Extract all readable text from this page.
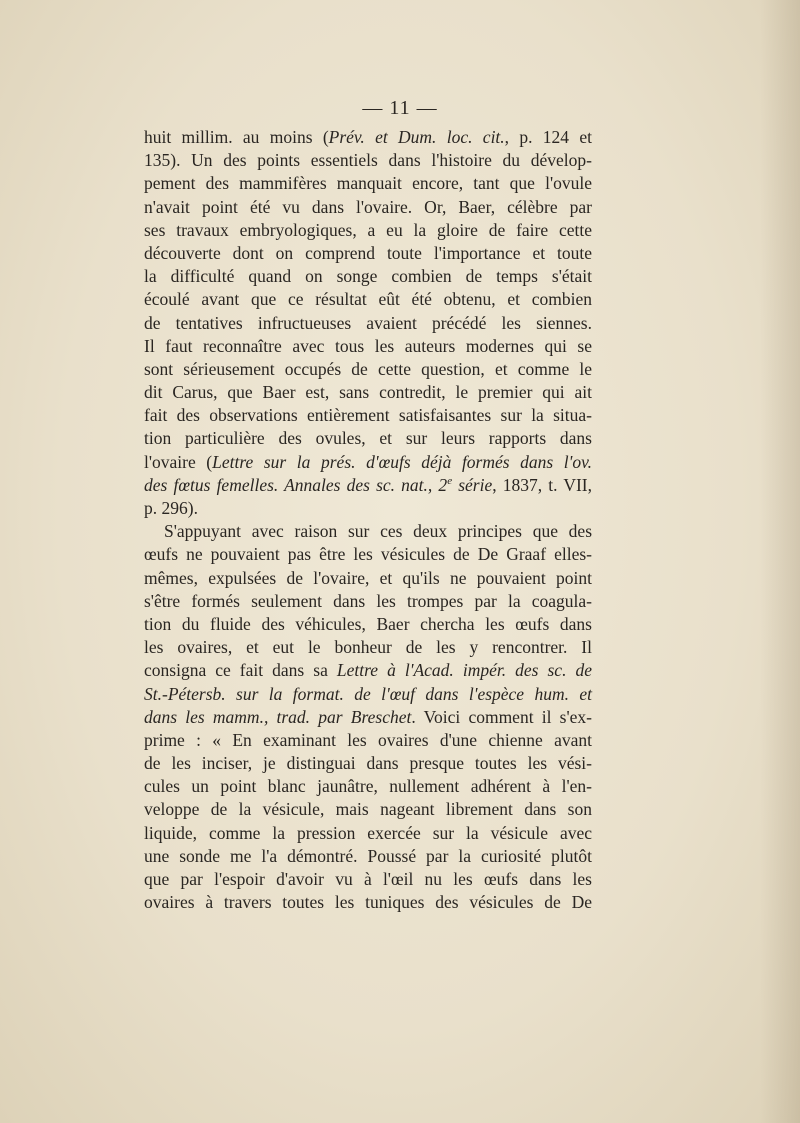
— 11 —
huit millim. au moins (Prév. et Dum. loc. cit., p. 124 et
135). Un des points essentiels dans l'histoire du dévelop-
pement des mammifères manquait encore, tant que l'ovule
n'avait point été vu dans l'ovaire. Or, Baer, célèbre par
ses travaux embryologiques, a eu la gloire de faire cette
découverte dont on comprend toute l'importance et toute
la difficulté quand on songe combien de temps s'était
écoulé avant que ce résultat eût été obtenu, et combien
de tentatives infructueuses avaient précédé les siennes.
Il faut reconnaître avec tous les auteurs modernes qui se
sont sérieusement occupés de cette question, et comme le
dit Carus, que Baer est, sans contredit, le premier qui ait
fait des observations entièrement satisfaisantes sur la situa-
tion particulière des ovules, et sur leurs rapports dans
l'ovaire (Lettre sur la prés. d'œufs déjà formés dans l'ov.
des fœtus femelles. Annales des sc. nat., 2e série, 1837, t. VII,
p. 296).
S'appuyant avec raison sur ces deux principes que des
œufs ne pouvaient pas être les vésicules de De Graaf elles-
mêmes, expulsées de l'ovaire, et qu'ils ne pouvaient point
s'être formés seulement dans les trompes par la coagula-
tion du fluide des véhicules, Baer chercha les œufs dans
les ovaires, et eut le bonheur de les y rencontrer. Il
consigna ce fait dans sa Lettre à l'Acad. impér. des sc. de
St.-Pétersb. sur la format. de l'œuf dans l'espèce hum. et
dans les mamm., trad. par Breschet. Voici comment il s'ex-
prime : « En examinant les ovaires d'une chienne avant
de les inciser, je distinguai dans presque toutes les vési-
cules un point blanc jaunâtre, nullement adhérent à l'en-
veloppe de la vésicule, mais nageant librement dans son
liquide, comme la pression exercée sur la vésicule avec
une sonde me l'a démontré. Poussé par la curiosité plutôt
que par l'espoir d'avoir vu à l'œil nu les œufs dans les
ovaires à travers toutes les tuniques des vésicules de De
